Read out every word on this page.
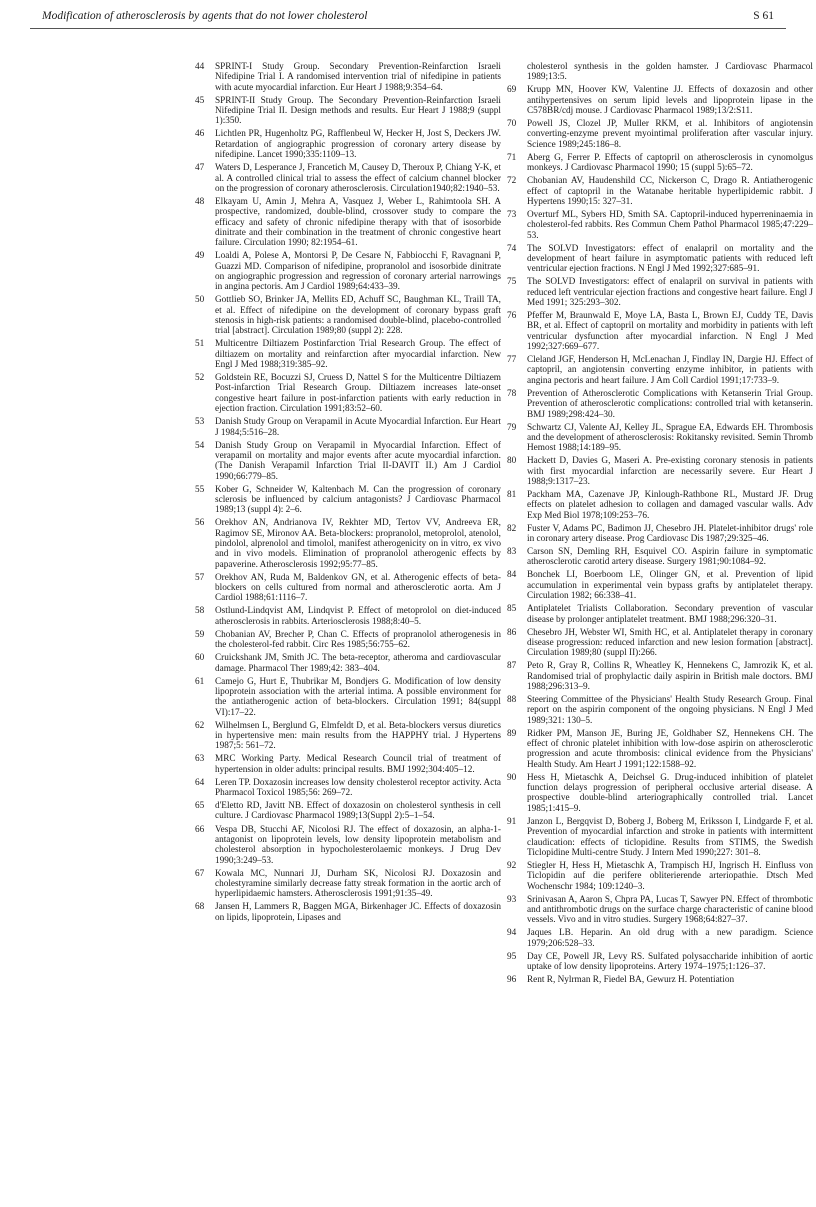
Modification of atherosclerosis by agents that do not lower cholesterol	S 61
44 SPRINT-I Study Group. Secondary Prevention-Reinfarction Israeli Nifedipine Trial I. A randomised intervention trial of nifedipine in patients with acute myocardial infarction. Eur Heart J 1988;9:354–64.
45 SPRINT-II Study Group. The Secondary Prevention-Reinfarction Israeli Nifedipine Trial II. Design methods and results. Eur Heart J 1988;9 (suppl 1):350.
46 Lichtlen PR, Hugenholtz PG, Rafflenbeul W, Hecker H, Jost S, Deckers JW. Retardation of angiographic progression of coronary artery disease by nifedipine. Lancet 1990;335:1109–13.
47 Waters D, Lesperance J, Francetich M, Causey D, Theroux P, Chiang Y-K, et al. A controlled clinical trial to assess the effect of calcium channel blocker on the progression of coronary atherosclerosis. Circulation1940;82:1940–53.
48 Elkayam U, Amin J, Mehra A, Vasquez J, Weber L, Rahimtoola SH. A prospective, randomized, double-blind, crossover study to compare the efficacy and safety of chronic nifedipine therapy with that of isosorbide dinitrate and their combination in the treatment of chronic congestive heart failure. Circulation 1990; 82:1954–61.
49 Loaldi A, Polese A, Montorsi P, De Cesare N, Fabbiocchi F, Ravagnani P, Guazzi MD. Comparison of nifedipine, propranolol and isosorbide dinitrate on angiographic progression and regression of coronary arterial narrowings in angina pectoris. Am J Cardiol 1989;64:433–39.
50 Gottlieb SO, Brinker JA, Mellits ED, Achuff SC, Baughman KL, Traill TA, et al. Effect of nifedipine on the development of coronary bypass graft stenosis in high-risk patients: a randomised double-blind, placebo-controlled trial [abstract]. Circulation 1989;80 (suppl 2): 228.
51 Multicentre Diltiazem Postinfarction Trial Research Group. The effect of diltiazem on mortality and reinfarction after myocardial infarction. New Engl J Med 1988;319:385–92.
52 Goldstein RE, Bocuzzi SJ, Cruess D, Nattel S for the Multicentre Diltiazem Post-infarction Trial Research Group. Diltiazem increases late-onset congestive heart failure in post-infarction patients with early reduction in ejection fraction. Circulation 1991;83:52–60.
53 Danish Study Group on Verapamil in Acute Myocardial Infarction. Eur Heart J 1984;5:516–28.
54 Danish Study Group on Verapamil in Myocardial Infarction. Effect of verapamil on mortality and major events after acute myocardial infarction. (The Danish Verapamil Infarction Trial II-DAVIT II.) Am J Cardiol 1990;66:779–85.
55 Kober G, Schneider W, Kaltenbach M. Can the progression of coronary sclerosis be influenced by calcium antagonists? J Cardiovasc Pharmacol 1989;13 (suppl 4): 2–6.
56 Orekhov AN, Andrianova IV, Rekhter MD, Tertov VV, Andreeva ER, Ragimov SE, Mironov AA. Beta-blockers: propranolol, metoprolol, atenolol, pindolol, alprenolol and timolol, manifest atherogenicity on in vitro, ex vivo and in vivo models. Elimination of propranolol atherogenic effects by papaverine. Atherosclerosis 1992;95:77–85.
57 Orekhov AN, Ruda M, Baldenkov GN, et al. Atherogenic effects of beta-blockers on cells cultured from normal and atherosclerotic aorta. Am J Cardiol 1988;61:1116–7.
58 Ostlund-Lindqvist AM, Lindqvist P. Effect of metoprolol on diet-induced atherosclerosis in rabbits. Arteriosclerosis 1988;8:40–5.
59 Chobanian AV, Brecher P, Chan C. Effects of propranolol atherogenesis in the cholesterol-fed rabbit. Circ Res 1985;56:755–62.
60 Cruickshank JM, Smith JC. The beta-receptor, atheroma and cardiovascular damage. Pharmacol Ther 1989;42: 383–404.
61 Camejo G, Hurt E, Thubrikar M, Bondjers G. Modification of low density lipoprotein association with the arterial intima. A possible environment for the antiatherogenic action of beta-blockers. Circulation 1991; 84(suppl VI):17–22.
62 Wilhelmsen L, Berglund G, Elmfeldt D, et al. Beta-blockers versus diuretics in hypertensive men: main results from the HAPPHY trial. J Hypertens 1987;5: 561–72.
63 MRC Working Party. Medical Research Council trial of treatment of hypertension in older adults: principal results. BMJ 1992;304:405–12.
64 Leren TP. Doxazosin increases low density cholesterol receptor activity. Acta Pharmacol Toxicol 1985;56: 269–72.
65 d'Eletto RD, Javitt NB. Effect of doxazosin on cholesterol synthesis in cell culture. J Cardiovasc Pharmacol 1989;13(Suppl 2):5–1–54.
66 Vespa DB, Stucchi AF, Nicolosi RJ. The effect of doxazosin, an alpha-1-antagonist on lipoprotein levels, low density lipoprotein metabolism and cholesterol absorption in hypocholesterolaemic monkeys. J Drug Dev 1990;3:249–53.
67 Kowala MC, Nunnari JJ, Durham SK, Nicolosi RJ. Doxazosin and cholestyramine similarly decrease fatty streak formation in the aortic arch of hyperlipidaemic hamsters. Atherosclerosis 1991;91:35–49.
68 Jansen H, Lammers R, Baggen MGA, Birkenhager JC. Effects of doxazosin on lipids, lipoprotein, Lipases and
cholesterol synthesis in the golden hamster. J Cardiovasc Pharmacol 1989;13:5.
69 Krupp MN, Hoover KW, Valentine JJ. Effects of doxazosin and other antihypertensives on serum lipid levels and lipoprotein lipase in the C578BR/cdj mouse. J Cardiovasc Pharmacol 1989;13/2:S11.
70 Powell JS, Clozel JP, Muller RKM, et al. Inhibitors of angiotensin converting-enzyme prevent myointimal proliferation after vascular injury. Science 1989;245:186–8.
71 Aberg G, Ferrer P. Effects of captopril on atherosclerosis in cynomolgus monkeys. J Cardiovasc Pharmacol 1990; 15 (suppl 5):65–72.
72 Chobanian AV, Haudenshild CC, Nickerson C, Drago R. Antiatherogenic effect of captopril in the Watanabe heritable hyperlipidemic rabbit. J Hypertens 1990;15: 327–31.
73 Overturf ML, Sybers HD, Smith SA. Captopril-induced hyperreninaemia in cholesterol-fed rabbits. Res Commun Chem Pathol Pharmacol 1985;47:229–53.
74 The SOLVD Investigators: effect of enalapril on mortality and the development of heart failure in asymptomatic patients with reduced left ventricular ejection fractions. N Engl J Med 1992;327:685–91.
75 The SOLVD Investigators: effect of enalapril on survival in patients with reduced left ventricular ejection fractions and congestive heart failure. Engl J Med 1991; 325:293–302.
76 Pfeffer M, Braunwald E, Moye LA, Basta L, Brown EJ, Cuddy TE, Davis BR, et al. Effect of captopril on mortality and morbidity in patients with left ventricular dysfunction after myocardial infarction. N Engl J Med 1992;327:669–677.
77 Cleland JGF, Henderson H, McLenachan J, Findlay IN, Dargie HJ. Effect of captopril, an angiotensin converting enzyme inhibitor, in patients with angina pectoris and heart failure. J Am Coll Cardiol 1991;17:733–9.
78 Prevention of Atherosclerotic Complications with Ketanserin Trial Group. Prevention of atherosclerotic complications: controlled trial with ketanserin. BMJ 1989;298:424–30.
79 Schwartz CJ, Valente AJ, Kelley JL, Sprague EA, Edwards EH. Thrombosis and the development of atherosclerosis: Rokitansky revisited. Semin Thromb Hemost 1988;14:189–95.
80 Hackett D, Davies G, Maseri A. Pre-existing coronary stenosis in patients with first myocardial infarction are necessarily severe. Eur Heart J 1988;9:1317–23.
81 Packham MA, Cazenave JP, Kinlough-Rathbone RL, Mustard JF. Drug effects on platelet adhesion to collagen and damaged vascular walls. Adv Exp Med Biol 1978;109:253–76.
82 Fuster V, Adams PC, Badimon JJ, Chesebro JH. Platelet-inhibitor drugs' role in coronary artery disease. Prog Cardiovasc Dis 1987;29:325–46.
83 Carson SN, Demling RH, Esquivel CO. Aspirin failure in symptomatic atherosclerotic carotid artery disease. Surgery 1981;90:1084–92.
84 Bonchek LI, Boerboom LE, Olinger GN, et al. Prevention of lipid accumulation in experimental vein bypass grafts by antiplatelet therapy. Circulation 1982; 66:338–41.
85 Antiplatelet Trialists Collaboration. Secondary prevention of vascular disease by prolonger antiplatelet treatment. BMJ 1988;296:320–31.
86 Chesebro JH, Webster WI, Smith HC, et al. Antiplatelet therapy in coronary disease progression: reduced infarction and new lesion formation [abstract]. Circulation 1989;80 (suppl II):266.
87 Peto R, Gray R, Collins R, Wheatley K, Hennekens C, Jamrozik K, et al. Randomised trial of prophylactic daily aspirin in British male doctors. BMJ 1988;296:313–9.
88 Steering Committee of the Physicians' Health Study Research Group. Final report on the aspirin component of the ongoing physicians. N Engl J Med 1989;321: 130–5.
89 Ridker PM, Manson JE, Buring JE, Goldhaber SZ, Hennekens CH. The effect of chronic platelet inhibition with low-dose aspirin on atherosclerotic progression and acute thrombosis: clinical evidence from the Physicians' Health Study. Am Heart J 1991;122:1588–92.
90 Hess H, Mietaschk A, Deichsel G. Drug-induced inhibition of platelet function delays progression of peripheral occlusive arterial disease. A prospective double-blind arteriographically controlled trial. Lancet 1985;1:415–9.
91 Janzon L, Bergqvist D, Boberg J, Boberg M, Eriksson I, Lindgarde F, et al. Prevention of myocardial infarction and stroke in patients with intermittent claudication: effects of ticlopidine. Results from STIMS, the Swedish Ticlopidine Multi-centre Study. J Intern Med 1990;227: 301–8.
92 Stiegler H, Hess H, Mietaschk A, Trampisch HJ, Ingrisch H. Einfluss von Ticlopidin auf die perifere obliterierende arteriopathie. Dtsch Med Wochenschr 1984; 109:1240–3.
93 Srinivasan A, Aaron S, Chpra PA, Lucas T, Sawyer PN. Effect of thrombotic and antithrombotic drugs on the surface charge characteristic of canine blood vessels. Vivo and in vitro studies. Surgery 1968;64:827–37.
94 Jaques LB. Heparin. An old drug with a new paradigm. Science 1979;206:528–33.
95 Day CE, Powell JR, Levy RS. Sulfated polysaccharide inhibition of aortic uptake of low density lipoproteins. Artery 1974–1975;1:126–37.
96 Rent R, Nylrman R, Fiedel BA, Gewurz H. Potentiation
